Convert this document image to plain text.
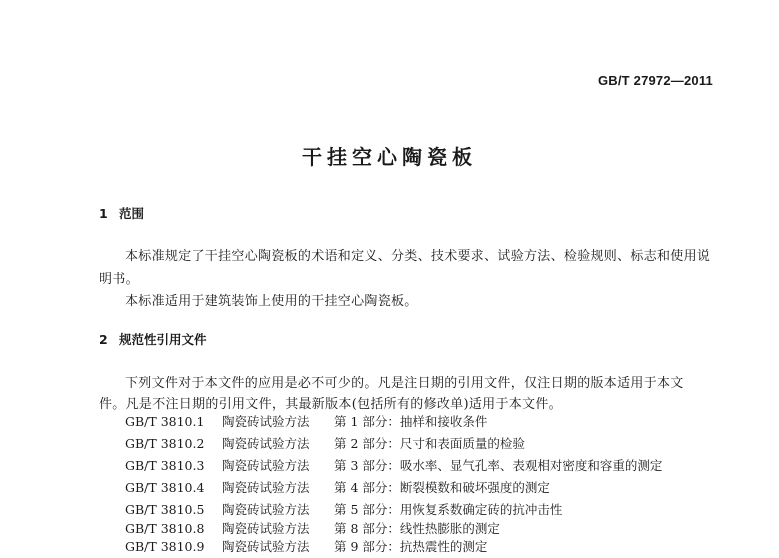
GB/T 27972—2011
干挂空心陶瓷板
1 范围
本标准规定了干挂空心陶瓷板的术语和定义、分类、技术要求、试验方法、检验规则、标志和使用说
明书。
本标准适用于建筑装饰上使用的干挂空心陶瓷板。
2 规范性引用文件
下列文件对于本文件的应用是必不可少的。凡是注日期的引用文件，仅注日期的版本适用于本文
件。凡是不注日期的引用文件，其最新版本(包括所有的修改单)适用于本文件。
GB/T 3810.1 陶瓷砖试验方法 第 1 部分：抽样和接收条件
GB/T 3810.2 陶瓷砖试验方法 第 2 部分：尺寸和表面质量的检验
GB/T 3810.3 陶瓷砖试验方法 第 3 部分：吸水率、显气孔率、表观相对密度和容重的测定
GB/T 3810.4 陶瓷砖试验方法 第 4 部分：断裂模数和破坏强度的测定
GB/T 3810.5 陶瓷砖试验方法 第 5 部分：用恢复系数确定砖的抗冲击性
GB/T 3810.8 陶瓷砖试验方法 第 8 部分：线性热膨胀的测定
GB/T 3810.9 陶瓷砖试验方法 第 9 部分：抗热震性的测定
